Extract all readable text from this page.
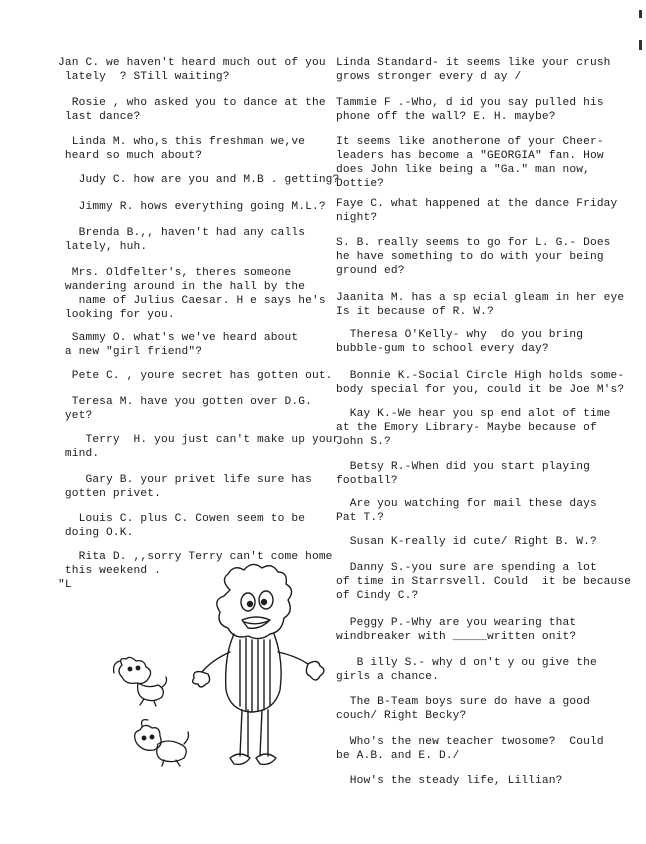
Jan C. we haven't heard much out of you
lately  ? STill waiting?

Rosie , who asked you to dance at the
last dance?

Linda M. who,s this freshman we,ve
heard so much about?

Judy C. how are you and M.B . getting?

Jimmy R. hows everything going M.L.?

Brenda B.,, haven't had any calls
lately, huh.

Mrs. Oldfelter's, theres someone
wandering around in the hall by the
name of Julius Caesar. H e says he's
looking for you.

Sammy O. what's we've heard about
a new "girl friend"?

Pete C. , youre secret has gotten out.

Teresa M. have you gotten over D.G.
yet?

Terry  H. you just can't make up your
mind.

Gary B. your privet life sure has
gotten privet.

Louis C. plus C. Cowen seem to be
doing O.K.

Rita D. ,,sorry Terry can't come home
this weekend .
"L

Linda Standard- it seems like your crush
grows stronger every d ay /

Tammie F .-Who, d id you say pulled his
phone off the wall? E. H. maybe?

It seems like anotherone of your Cheer-
leaders has become a "GEORGIA" fan. How
does John like being a "Ga." man now,
Dottie?

Faye C. what happened at the dance Friday
night?

S. B. really seems to go for L. G.- Does
he have something to do with your being
ground ed?

Jaanita M. has a sp ecial gleam in her eye
Is it because of R. W.?

Theresa O'Kelly- why  do you bring
bubble-gum to school every day?

Bonnie K.-Social Circle High holds some-
body special for you, could it be Joe M's?

Kay K.-We hear you sp end alot of time
at the Emory Library- Maybe because of
John S.?

Betsy R.-When did you start playing
football?

Are you watching for mail these days
Pat T.?

Susan K-really id cute/ Right B. W.?

Danny S.-you sure are spending a lot
of time in Starrsvell. Could  it be because
of Cindy C.?

Peggy P.-Why are you wearing that
windbreaker with _____written onit?

B illy S.- why d on't y ou give the
girls a chance.

The B-Team boys sure do have a good
couch/ Right Becky?

Who's the new teacher twosome?  Could
be A.B. and E. D./

How's the steady life, Lillian?
